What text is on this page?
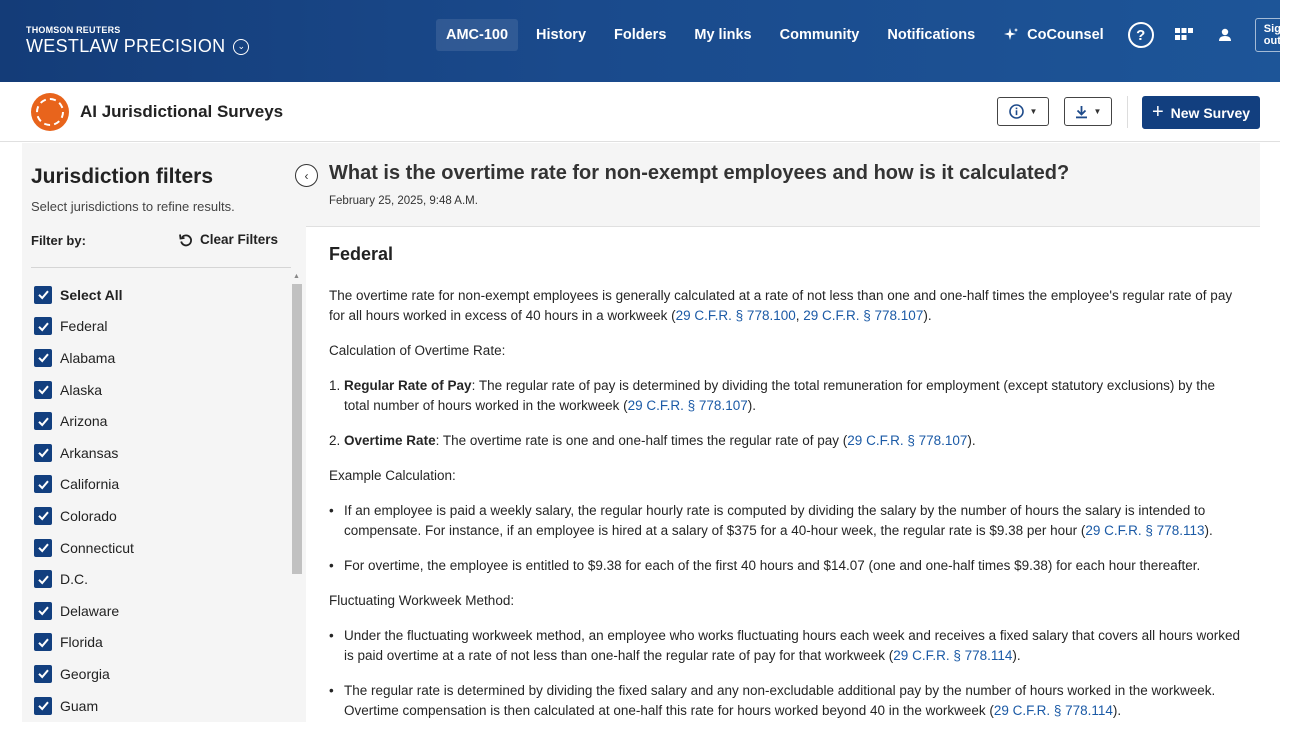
THOMSON REUTERS
WESTLAW PRECISION	⌄
AMC-100	History	Folders	My links	Community	Notifications	CoCounsel	?	Sign out
AI Jurisdictional Surveys	▼	▼	+ New Survey
Jurisdiction filters
Select jurisdictions to refine results.
Filter by:	Clear Filters
Select All
Federal
Alabama
Alaska
Arizona
Arkansas
California
Colorado
Connecticut
D.C.
Delaware
Florida
Georgia
Guam
▲
What is the overtime rate for non-exempt employees and how is it calculated?
February 25, 2025, 9:48 A.M.
‹
Federal

The overtime rate for non-exempt employees is generally calculated at a rate of not less than one and one-half times the employee's regular rate of pay for all hours worked in excess of 40 hours in a workweek (29 C.F.R. § 778.100, 29 C.F.R. § 778.107).

Calculation of Overtime Rate:

1. Regular Rate of Pay: The regular rate of pay is determined by dividing the total remuneration for employment (except statutory exclusions) by the total number of hours worked in the workweek (29 C.F.R. § 778.107).
2. Overtime Rate: The overtime rate is one and one-half times the regular rate of pay (29 C.F.R. § 778.107).

Example Calculation:

• If an employee is paid a weekly salary, the regular hourly rate is computed by dividing the salary by the number of hours the salary is intended to compensate. For instance, if an employee is hired at a salary of $375 for a 40-hour week, the regular rate is $9.38 per hour (29 C.F.R. § 778.113).
• For overtime, the employee is entitled to $9.38 for each of the first 40 hours and $14.07 (one and one-half times $9.38) for each hour thereafter.

Fluctuating Workweek Method:

• Under the fluctuating workweek method, an employee who works fluctuating hours each week and receives a fixed salary that covers all hours worked is paid overtime at a rate of not less than one-half the regular rate of pay for that workweek (29 C.F.R. § 778.114).
• The regular rate is determined by dividing the fixed salary and any non-excludable additional pay by the number of hours worked in the workweek. Overtime compensation is then calculated at one-half this rate for hours worked beyond 40 in the workweek (29 C.F.R. § 778.114).
